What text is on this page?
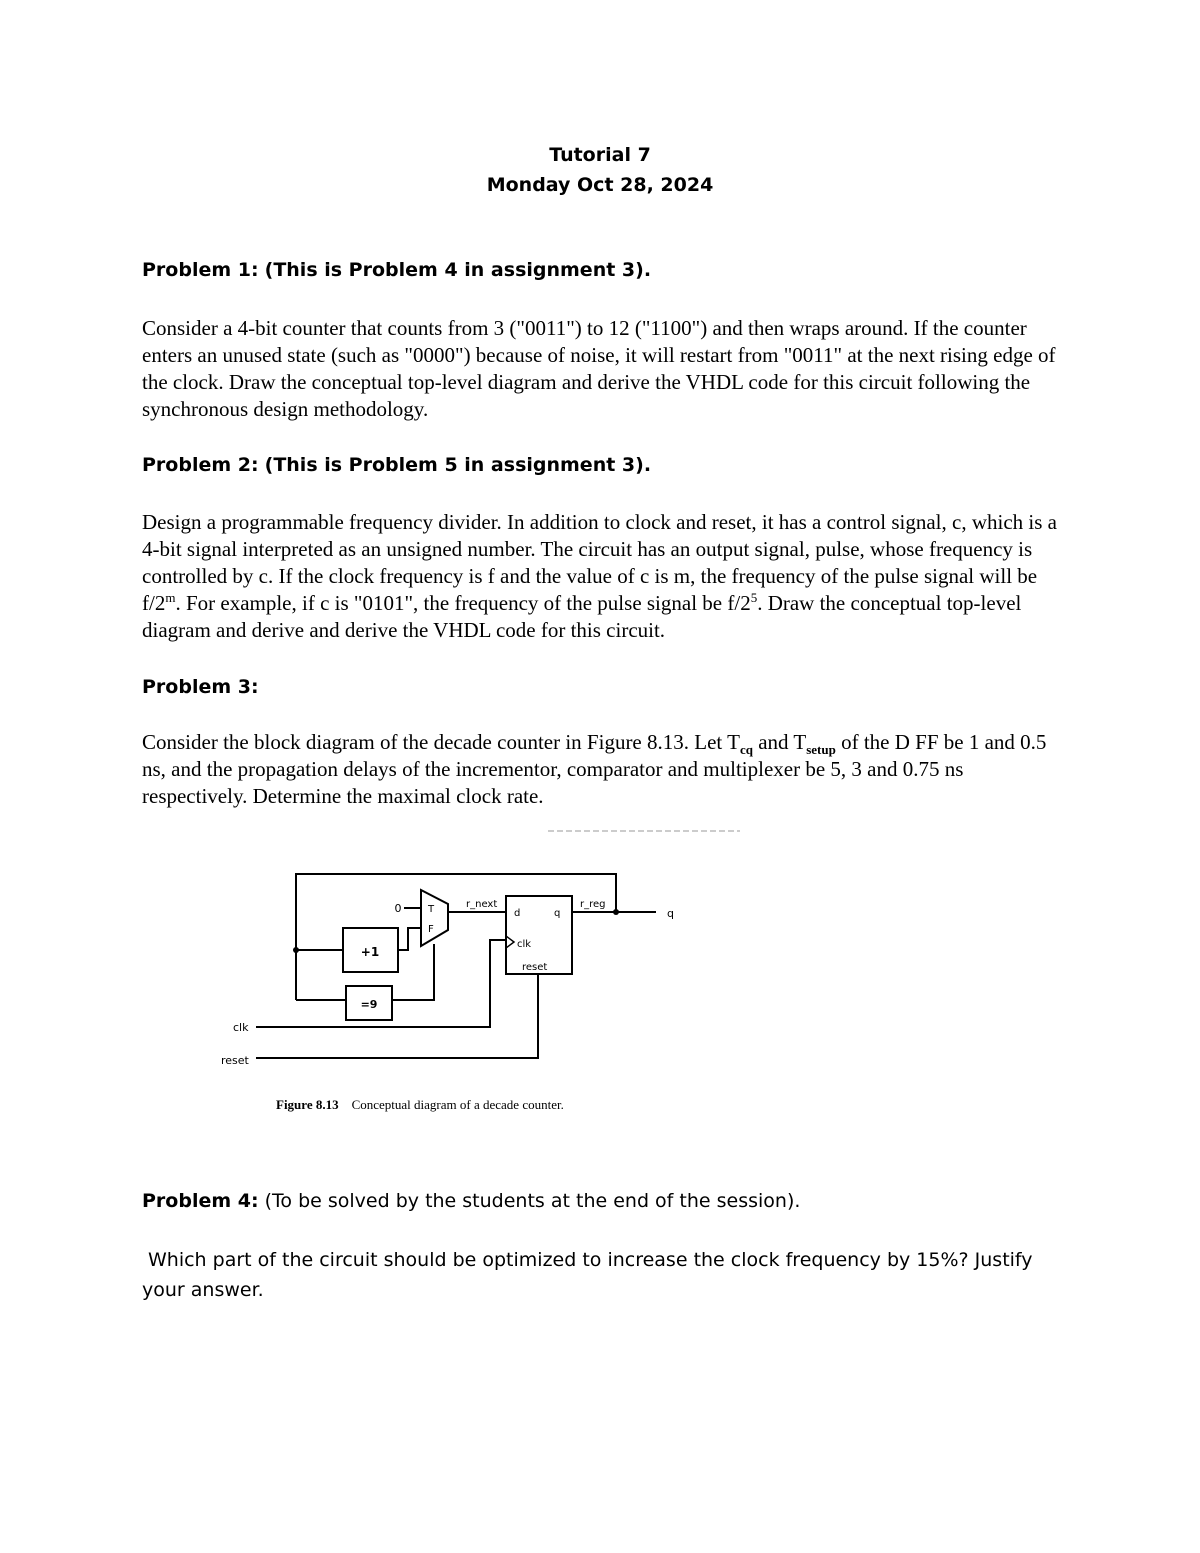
Tutorial 7
Monday Oct 28, 2024
Problem 1: (This is Problem 4 in assignment 3).

Consider a 4-bit counter that counts from 3 ("0011") to 12 ("1100") and then wraps around. If the counter enters an unused state (such as "0000") because of noise, it will restart from "0011" at the next rising edge of the clock. Draw the conceptual top-level diagram and derive the VHDL code for this circuit following the synchronous design methodology.

Problem 2: (This is Problem 5 in assignment 3).

Design a programmable frequency divider. In addition to clock and reset, it has a control signal, c, which is a 4-bit signal interpreted as an unsigned number. The circuit has an output signal, pulse, whose frequency is controlled by c. If the clock frequency is f and the value of c is m, the frequency of the pulse signal will be f/2$^m$. For example, if c is "0101", the frequency of the pulse signal be $f/2^5$. Draw the conceptual top-level diagram and derive and derive the VHDL code for this circuit.

Problem 3:

Consider the block diagram of the decade counter in Figure 8.13. Let $T_{cq}$ and $T_{setup}$ of the D FF be 1 and 0.5 ns, and the propagation delays of the incrementor, comparator and multiplexer be 5, 3 and 0.75 ns respectively. Determine the maximal clock rate.

+1
=9
0	T
F
r_next
d	q
clk
reset
r_reg
q
clk
reset
Figure 8.13 Conceptual diagram of a decade counter.
Problem 4: (To be solved by the students at the end of the session).
Which part of the circuit should be optimized to increase the clock frequency by 15%? Justify your answer.
